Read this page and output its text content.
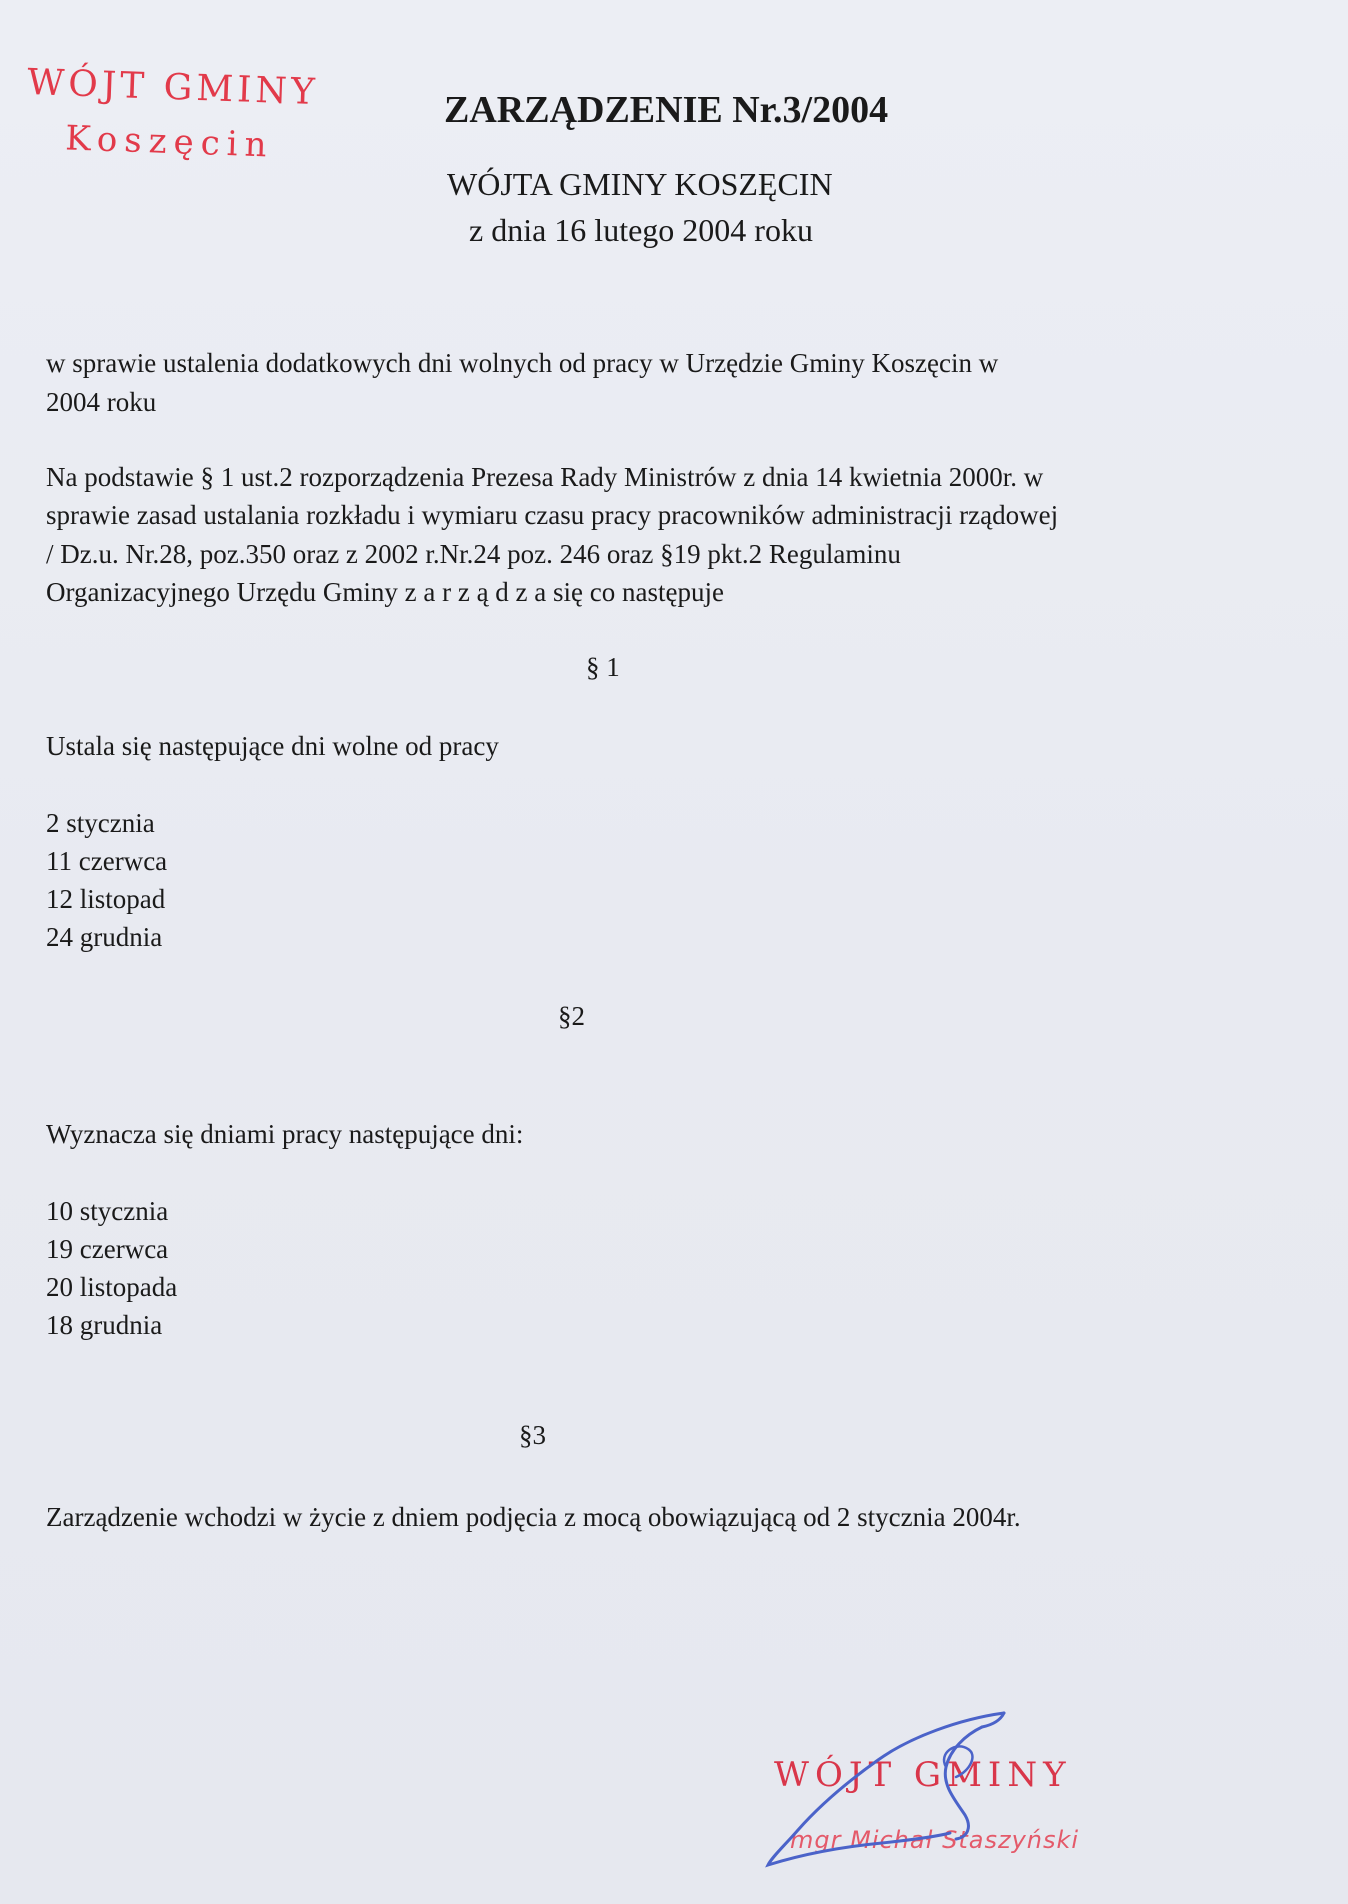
WÓJT GMINY
Koszęcin
ZARZĄDZENIE Nr.3/2004
WÓJTA GMINY KOSZĘCIN
z dnia 16 lutego 2004 roku
w sprawie ustalenia dodatkowych dni wolnych od pracy w Urzędzie Gminy Koszęcin w
2004 roku
Na podstawie § 1 ust.2 rozporządzenia Prezesa Rady Ministrów z dnia 14 kwietnia 2000r. w
sprawie zasad ustalania rozkładu i wymiaru czasu pracy pracowników administracji rządowej
/ Dz.u. Nr.28, poz.350 oraz z 2002 r.Nr.24 poz. 246 oraz §19 pkt.2 Regulaminu
Organizacyjnego Urzędu Gminy z a r z ą d z a się co następuje
§ 1
Ustala się następujące dni wolne od pracy
2 stycznia
11 czerwca
12 listopad
24 grudnia
§2
Wyznacza się dniami pracy następujące dni:
10 stycznia
19 czerwca
20 listopada
18 grudnia
§3
Zarządzenie wchodzi w życie z dniem podjęcia z mocą obowiązującą od 2 stycznia 2004r.
WÓJT GMINY
mgr Michał Staszyński
